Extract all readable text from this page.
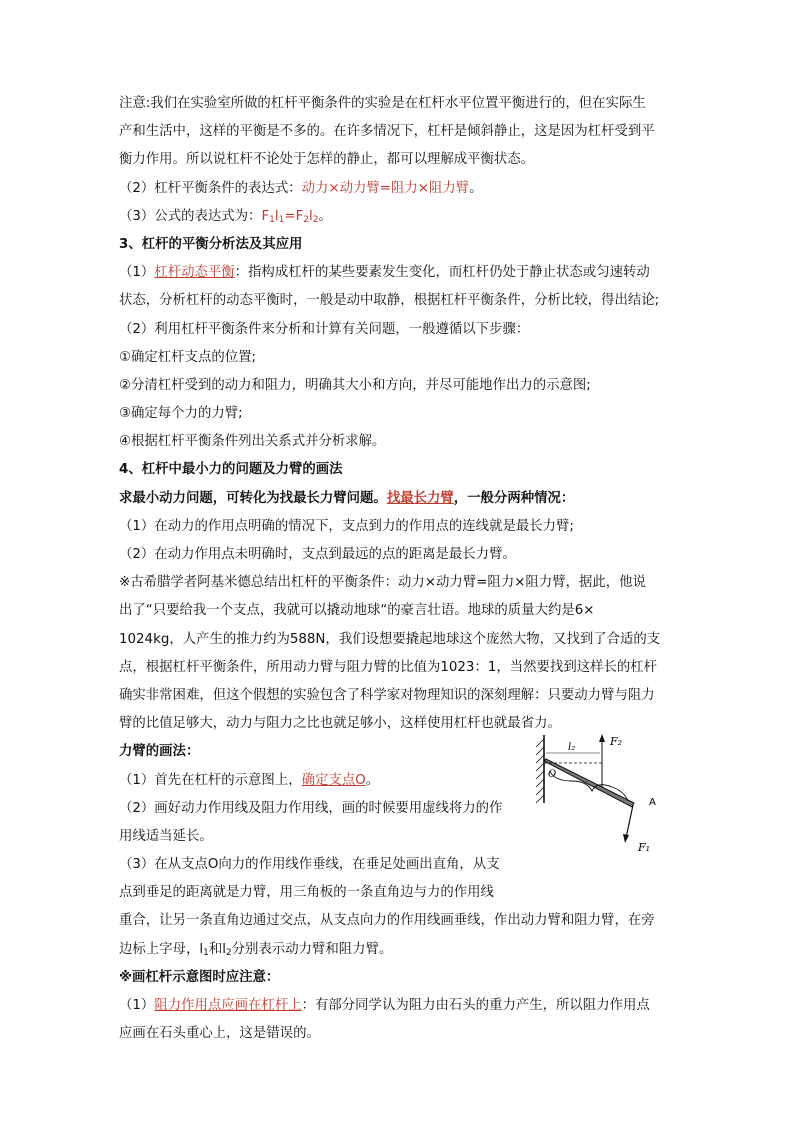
注意:我们在实验室所做的杠杆平衡条件的实验是在杠杆水平位置平衡进行的，但在实际生
产和生活中，这样的平衡是不多的。在许多情况下，杠杆是倾斜静止，这是因为杠杆受到平
衡力作用。所以说杠杆不论处于怎样的静止，都可以理解成平衡状态。
（2）杠杆平衡条件的表达式：动力×动力臂=阻力×阻力臂。
（3）公式的表达式为：$F_1l_1=F_2l_2$。
3、杠杆的平衡分析法及其应用
（1）杠杆动态平衡：指构成杠杆的某些要素发生变化，而杠杆仍处于静止状态或匀速转动
状态，分析杠杆的动态平衡时，一般是动中取静，根据杠杆平衡条件，分析比较，得出结论;
（2）利用杠杆平衡条件来分析和计算有关问题，一般遵循以下步骤：
①确定杠杆支点的位置;
②分清杠杆受到的动力和阻力，明确其大小和方向，并尽可能地作出力的示意图;
③确定每个力的力臂;
④根据杠杆平衡条件列出关系式并分析求解。
4、杠杆中最小力的问题及力臂的画法
求最小动力问题，可转化为找最长力臂问题。找最长力臂，一般分两种情况：
（1）在动力的作用点明确的情况下，支点到力的作用点的连线就是最长力臂;
（2）在动力作用点未明确时，支点到最远的点的距离是最长力臂。
※古希腊学者阿基米德总结出杠杆的平衡条件：动力×动力臂=阻力×阻力臂，据此，他说
出了“只要给我一个支点，我就可以撬动地球“的豪言壮语。地球的质量大约是6×
1024kg，人产生的推力约为588N，我们设想要撬起地球这个庞然大物，又找到了合适的支
点，根据杠杆平衡条件，所用动力臂与阻力臂的比值为1023：1，当然要找到这样长的杠杆
确实非常困难，但这个假想的实验包含了科学家对物理知识的深刻理解：只要动力臂与阻力
臂的比值足够大，动力与阻力之比也就足够小，这样使用杠杆也就最省力。
力臂的画法：
（1）首先在杠杆的示意图上，确定支点O。
（2）画好动力作用线及阻力作用线，画的时候要用虚线将力的作
用线适当延长。
（3）在从支点O向力的作用线作垂线，在垂足处画出直角，从支
点到垂足的距离就是力臂，用三角板的一条直角边与力的作用线
重合，让另一条直角边通过交点，从支点向力的作用线画垂线，作出动力臂和阻力臂，在旁
边标上字母，$l_1$和$l_2$分别表示动力臂和阻力臂。
※画杠杆示意图时应注意：
（1）阻力作用点应画在杠杆上：有部分同学认为阻力由石头的重力产生，所以阻力作用点
应画在石头重心上，这是错误的。
F₂
l₂
O
A
F₁
